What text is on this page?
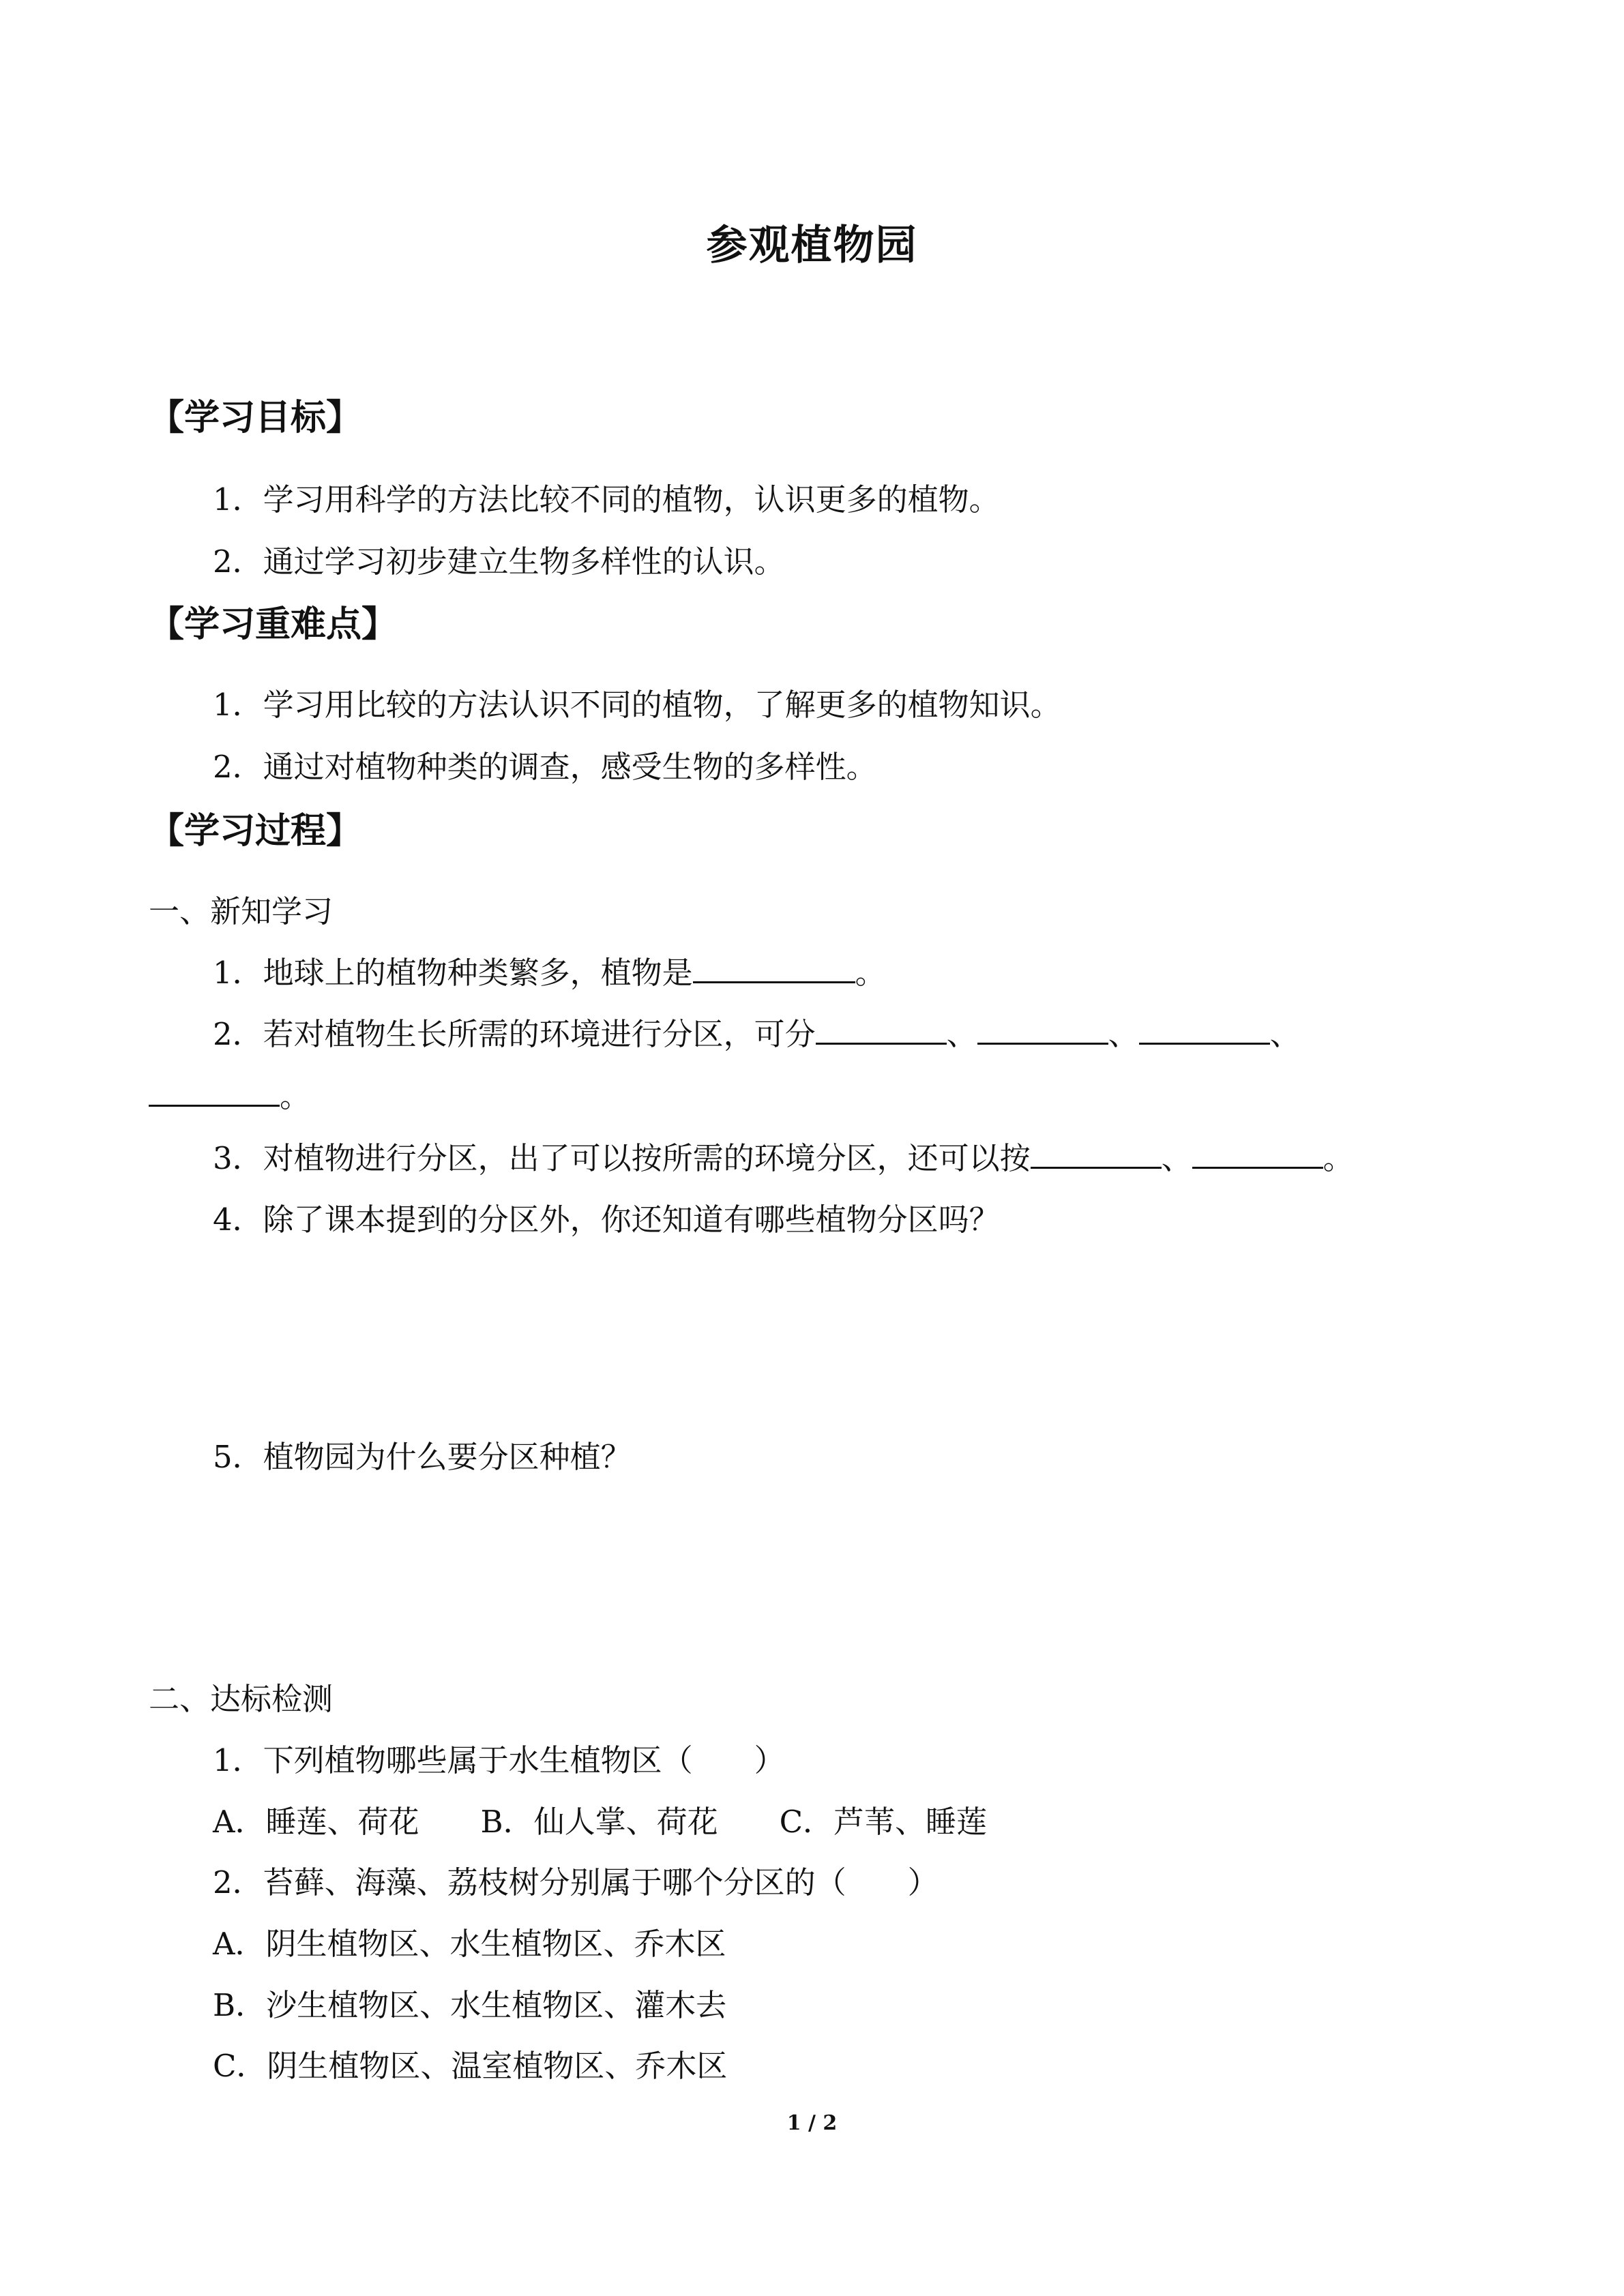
参观植物园
【学习目标】
1．学习用科学的方法比较不同的植物，认识更多的植物。
2．通过学习初步建立生物多样性的认识。
【学习重难点】
1．学习用比较的方法认识不同的植物，了解更多的植物知识。
2．通过对植物种类的调查，感受生物的多样性。
【学习过程】
一、新知学习
1．地球上的植物种类繁多，植物是	。
2．若对植物生长所需的环境进行分区，可分	、	、	、
。
3．对植物进行分区，出了可以按所需的环境分区，还可以按	、	。
4．除了课本提到的分区外，你还知道有哪些植物分区吗？
5．植物园为什么要分区种植？
二、达标检测
1．下列植物哪些属于水生植物区（ ）
A．睡莲、荷花 B．仙人掌、荷花 C．芦苇、睡莲
2．苔藓、海藻、荔枝树分别属于哪个分区的（ ）
A．阴生植物区、水生植物区、乔木区
B．沙生植物区、水生植物区、灌木去
C．阴生植物区、温室植物区、乔木区
1 / 2
